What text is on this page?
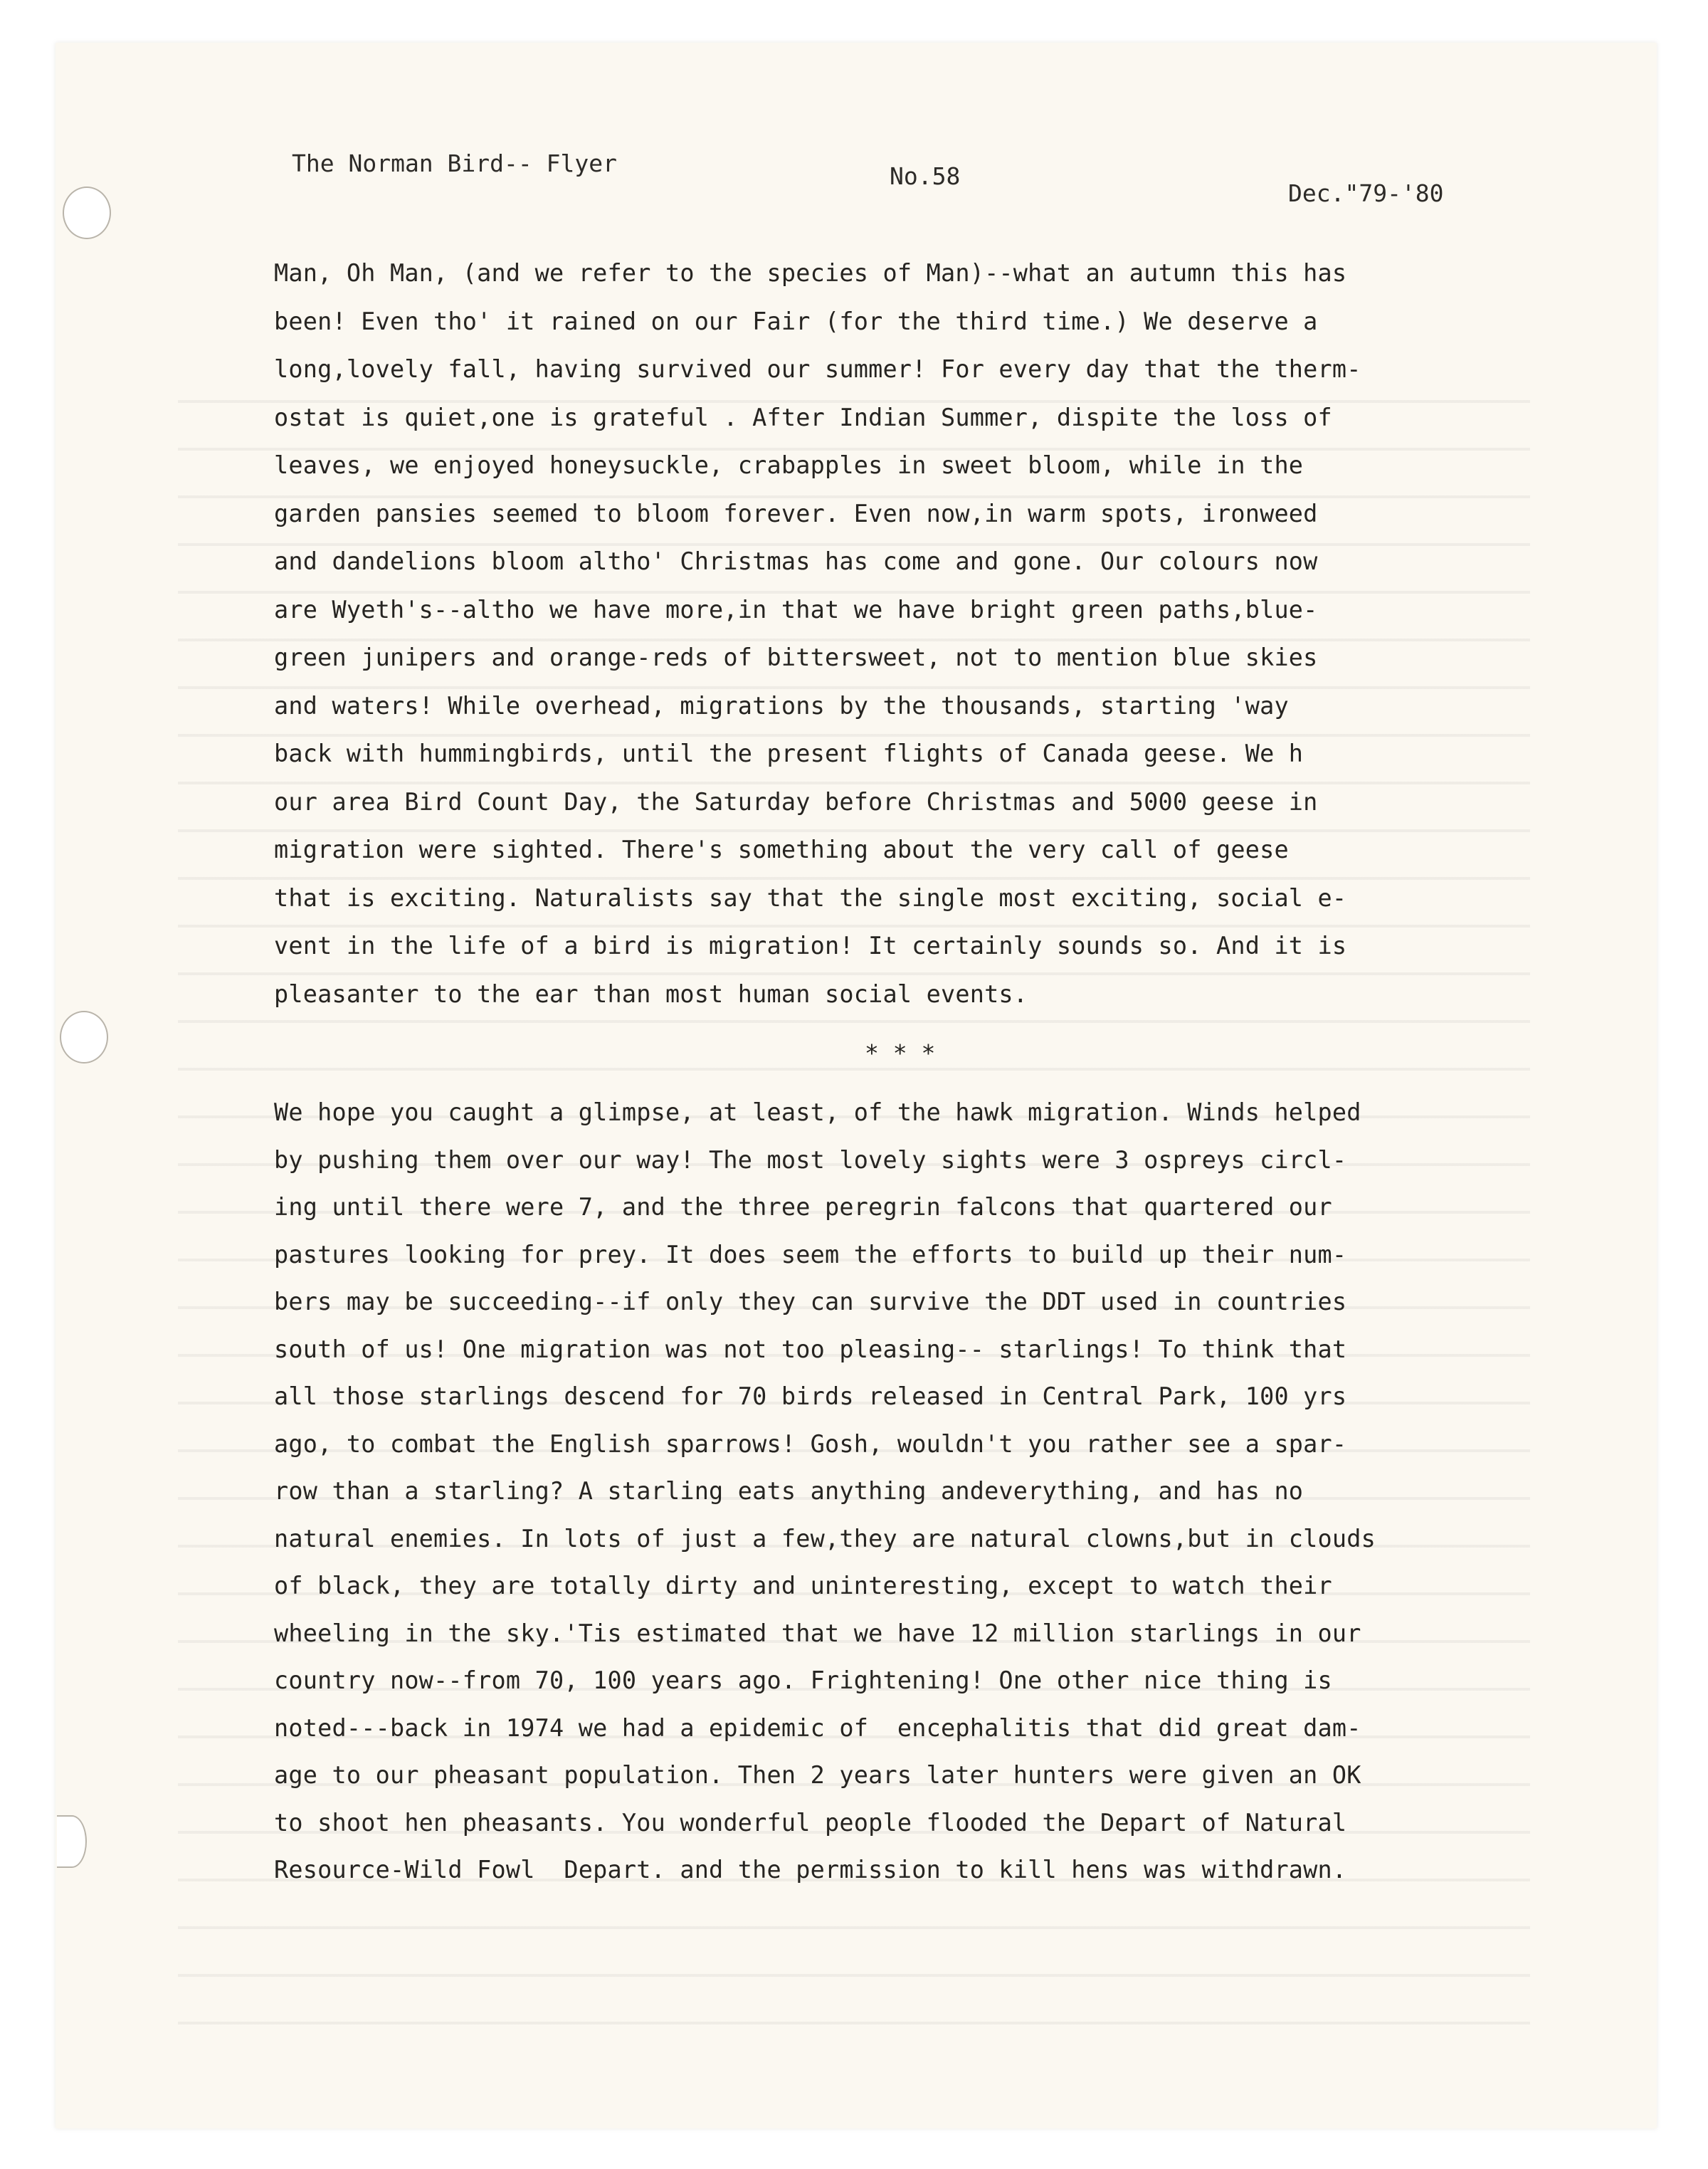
The Norman Bird-- Flyer	No.58
Dec."79-'80
Man, Oh Man, (and we refer to the species of Man)--what an autumn this has
been! Even tho' it rained on our Fair (for the third time.) We deserve a
long,lovely fall, having survived our summer! For every day that the therm-
ostat is quiet,one is grateful . After Indian Summer, dispite the loss of
leaves, we enjoyed honeysuckle, crabapples in sweet bloom, while in the
garden pansies seemed to bloom forever. Even now,in warm spots, ironweed
and dandelions bloom altho' Christmas has come and gone. Our colours now
are Wyeth's--altho we have more,in that we have bright green paths,blue-
green junipers and orange-reds of bittersweet, not to mention blue skies
and waters! While overhead, migrations by the thousands, starting 'way
back with hummingbirds, until the present flights of Canada geese. We h
our area Bird Count Day, the Saturday before Christmas and 5000 geese in
migration were sighted. There's something about the very call of geese
that is exciting. Naturalists say that the single most exciting, social e-
vent in the life of a bird is migration! It certainly sounds so. And it is
pleasanter to the ear than most human social events.
* * *
We hope you caught a glimpse, at least, of the hawk migration. Winds helped
by pushing them over our way! The most lovely sights were 3 ospreys circl-
ing until there were 7, and the three peregrin falcons that quartered our
pastures looking for prey. It does seem the efforts to build up their num-
bers may be succeeding--if only they can survive the DDT used in countries
south of us! One migration was not too pleasing-- starlings! To think that
all those starlings descend for 70 birds released in Central Park, 100 yrs
ago, to combat the English sparrows! Gosh, wouldn't you rather see a spar-
row than a starling? A starling eats anything andeverything, and has no
natural enemies. In lots of just a few,they are natural clowns,but in clouds
of black, they are totally dirty and uninteresting, except to watch their
wheeling in the sky.'Tis estimated that we have 12 million starlings in our
country now--from 70, 100 years ago. Frightening! One other nice thing is
noted---back in 1974 we had a epidemic of  encephalitis that did great dam-
age to our pheasant population. Then 2 years later hunters were given an OK
to shoot hen pheasants. You wonderful people flooded the Depart of Natural
Resource-Wild Fowl  Depart. and the permission to kill hens was withdrawn.
